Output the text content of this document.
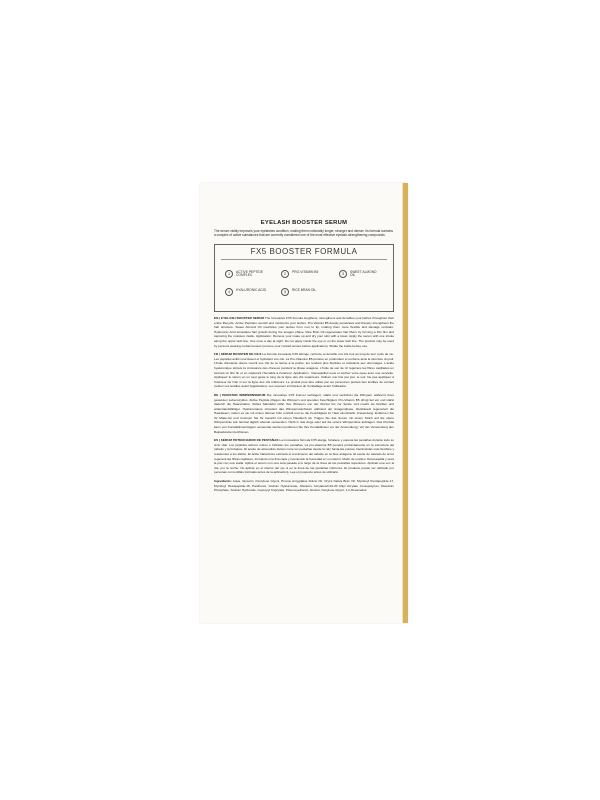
EYELASH BOOSTER SERUM

The serum visibly improves your eyelashes condition, making them noticeably longer, stronger and denser. Its formula contains a complex of active substances that are currently considered one of the most effective eyelash-strengthening compounds.

FX5 BOOSTER FORMULA
1
ACTIVE PEPTIDE COMPLEX	2
PRO-VITAMIN B5
3
SWEET ALMOND OIL
4
HYALURONIC ACID
5
RICE BRAN OIL

EN | EYELASH BOOSTER SERUM The innovative FX5 formula lengthens, strengthens and densifies your lashes throughout their entire lifecycle. Active Peptides nourish and moisturize your lashes. Pro-Vitamin B5 deeply penetrates and thereby strengthens the hair structure. Sweet Almond Oil nourishes your lashes from root to tip, making them more flexible and damage resistant. Hyaluronic Acid stimulates hair growth during the anagen phase. Rice Bran Oil regenerates hair fibers by forming a thin film and capturing the moisture inside. Application: Remove your make up and dry your skin with a towel. Apply the serum with one stroke along the upper lash line. Use once a day at night. Do not apply inside the eye or on the lower lash line. The product may be used by persons wearing contact lenses (remove your contact lenses before application). Shake the bottle before use.

FR | SÉRUM BOOSTER DE CILS La formule innovante FX5 allonge, renforce et densifie vos cils tout au long de leur cycle de vie. Les peptides actifs nourrissent et hydratent vos cils. La Pro-Vitamine B5 pénètre en profondeur et renforce ainsi la structure du poil. L'huile d'amande douce nourrit vos cils de la racine à la pointe, les rendant plus flexibles et résistants aux dommages. L'acide hyaluronique stimule la croissance des cheveux pendant la phase anagène. L'huile de son de riz régénère les fibres capillaires en formant un film fin et en capturant l'humidité à l'intérieur. Application : Démaquillez-vous et séchez votre peau avec une serviette. Appliquez le sérum en un seul geste le long de la ligne des cils supérieurs. Utilisez une fois par jour, le soir. Ne pas appliquer à l'intérieur de l'œil ni sur la ligne des cils inférieurs. Le produit peut être utilisé par les personnes portant des lentilles de contact (retirez vos lentilles avant l'application). Les secouez à l'intérieur de l'emballage avant l'utilisation.

DE | BOOSTER WIMPERNSERUM Die innovative FX5 Formel verlängert, stärkt und verdichtet die Wimpern während ihres gesamten Lebenszyklus. Aktive Peptide pflegen die Wimpern und spenden Feuchtigkeit. Pro-Vitamin B5 dringt tief ein und stärkt dadurch die Haarstruktur. Süßes Mandelöl nährt Ihre Wimpern von der Wurzel bis zur Spitze und macht sie flexibler und widerstandsfähiger. Hyaluronsäure stimuliert das Wimpernwachstum während der Anagenphase. Reiskleieöl regeneriert die Haarfasern, indem es sie mit einem dünnen Film umhüllt und so die Feuchtigkeit im Haar einschließt. Anwendung: Entfernen Sie Ihr Make-Up und trocknen Sie Ihr Gesicht mit einem Handtuch ab. Tragen Sie das Serum mit einem Strich auf die obere Wimpernlinie auf. Einmal täglich abends verwenden. Nicht in das Auge oder auf die untere Wimpernlinie auftragen. Das Produkt kann von Kontaktlinsenträgern verwendet werden (entfernen Sie Ihre Kontaktlinsen vor der Anwendung). Vor der Verwendung den Beipackzettel durchlesen.

ES | SÉRUM POTENCIADOR DE PESTAÑAS La innovadora fórmula FX5 alarga, fortalece y espesa las pestañas durante todo su ciclo vital. Los péptidos activos nutren e hidratan tus pestañas. La pro-vitamina B5 penetra profundamente en la estructura del cabello y la fortalece. El aceite de almendras dulces nutre tus pestañas desde la raíz hasta las puntas, haciéndolas más flexibles y resistentes a los daños. El ácido hialurónico estimula el crecimiento del cabello en la fase anágena. El aceite de salvado de arroz regenera las fibras capilares, formando una fina capa y reteniendo la humedad en su interior. Modo de empleo: Desmaquilla y seca la piel con una toalla. Aplica el sérum con una sola pasada a lo largo de la línea de las pestañas superiores. Aplícalo una vez al día, por la noche. No aplicar en el interior del ojo ni en la línea de las pestañas inferiores. El producto puede ser utilizado por personas con lentillas (retíralas antes de la aplicación). Lea el prospecto antes de utilizarlo.

Ingredients: Aqua, Glycerin, Pentylene Glycol, Prunus Amygdalus Dulcis Oil, Oryza Sativa Bran Oil, Myristoyl Pentapeptide-17, Myristoyl Hexapeptide-16, Panthenol, Sodium Hyaluronate, Allantoin, Acrylates/C10-30 Alkyl Acrylate Crosspolymer, Disodium Phosphate, Sodium Hydroxide, Isopropyl Caprylate, Phenoxyethanol, Alcohol, Decylene Glycol, 1,2-Hexanediol.
